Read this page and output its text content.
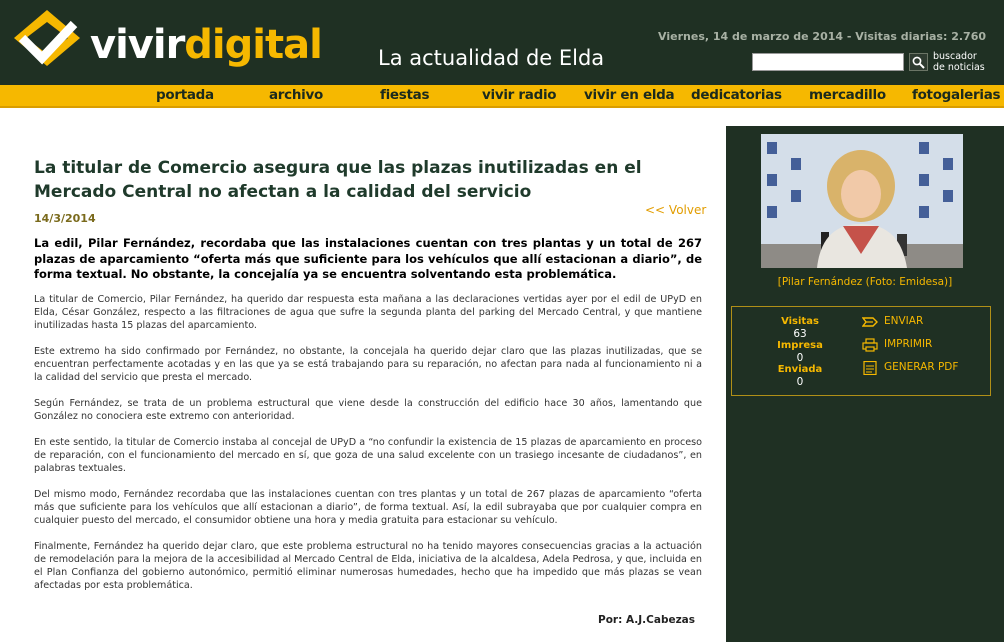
vivirdigital	La actualidad de Elda
Viernes, 14 de marzo de 2014 - Visitas diarias: 2.760
buscador
de noticias
portada	archivo	fiestas	vivir radio vivir en elda dedicatorias mercadillo fotogalerias
La titular de Comercio asegura que las plazas inutilizadas en el Mercado Central no afectan a la calidad del servicio
14/3/2014
<< Volver

La edil, Pilar Fernández, recordaba que las instalaciones cuentan con tres plantas y un total de 267 plazas de aparcamiento “oferta más que suficiente para los vehículos que allí estacionan a diario”, de forma textual. No obstante, la concejalía ya se encuentra solventando esta problemática.

La titular de Comercio, Pilar Fernández, ha querido dar respuesta esta mañana a las declaraciones vertidas ayer por el edil de UPyD en Elda, César González, respecto a las filtraciones de agua que sufre la segunda planta del parking del Mercado Central, y que mantiene inutilizadas hasta 15 plazas del aparcamiento.

Este extremo ha sido confirmado por Fernández, no obstante, la concejala ha querido dejar claro que las plazas inutilizadas, que se encuentran perfectamente acotadas y en las que ya se está trabajando para su reparación, no afectan para nada al funcionamiento ni a la calidad del servicio que presta el mercado.

Según Fernández, se trata de un problema estructural que viene desde la construcción del edificio hace 30 años, lamentando que González no conociera este extremo con anterioridad.

En este sentido, la titular de Comercio instaba al concejal de UPyD a “no confundir la existencia de 15 plazas de aparcamiento en proceso de reparación, con el funcionamiento del mercado en sí, que goza de una salud excelente con un trasiego incesante de ciudadanos”, en palabras textuales.

Del mismo modo, Fernández recordaba que las instalaciones cuentan con tres plantas y un total de 267 plazas de aparcamiento “oferta más que suficiente para los vehículos que allí estacionan a diario”, de forma textual. Así, la edil subrayaba que por cualquier compra en cualquier puesto del mercado, el consumidor obtiene una hora y media gratuita para estacionar su vehículo.

Finalmente, Fernández ha querido dejar claro, que este problema estructural no ha tenido mayores consecuencias gracias a la actuación de remodelación para la mejora de la accesibilidad al Mercado Central de Elda, iniciativa de la alcaldesa, Adela Pedrosa, y que, incluida en el Plan Confianza del gobierno autonómico, permitió eliminar numerosas humedades, hecho que ha impedido que más plazas se vean afectadas por esta problemática.

Por: A.J.Cabezas
[Pilar Fernández (Foto: Emidesa)]
Visitas
63
Impresa
0
Enviada
0
ENVIAR
IMPRIMIR
GENERAR PDF
